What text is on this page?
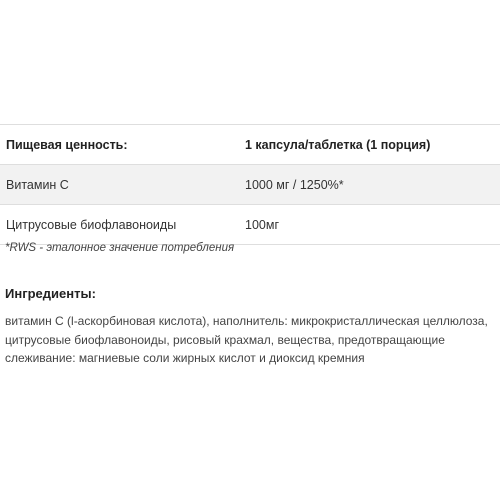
Пищевая ценность:	1 капсула/таблетка (1 порция)
Витамин C	1000 мг / 1250%*
Цитрусовые биофлавоноиды	100мг
*RWS - эталонное значение потребления
Ингредиенты:

витамин C (l-аскорбиновая кислота), наполнитель: микрокристаллическая целлюлоза, цитрусовые биофлавоноиды, рисовый крахмал, вещества, предотвращающие слеживание: магниевые соли жирных кислот и диоксид кремния
